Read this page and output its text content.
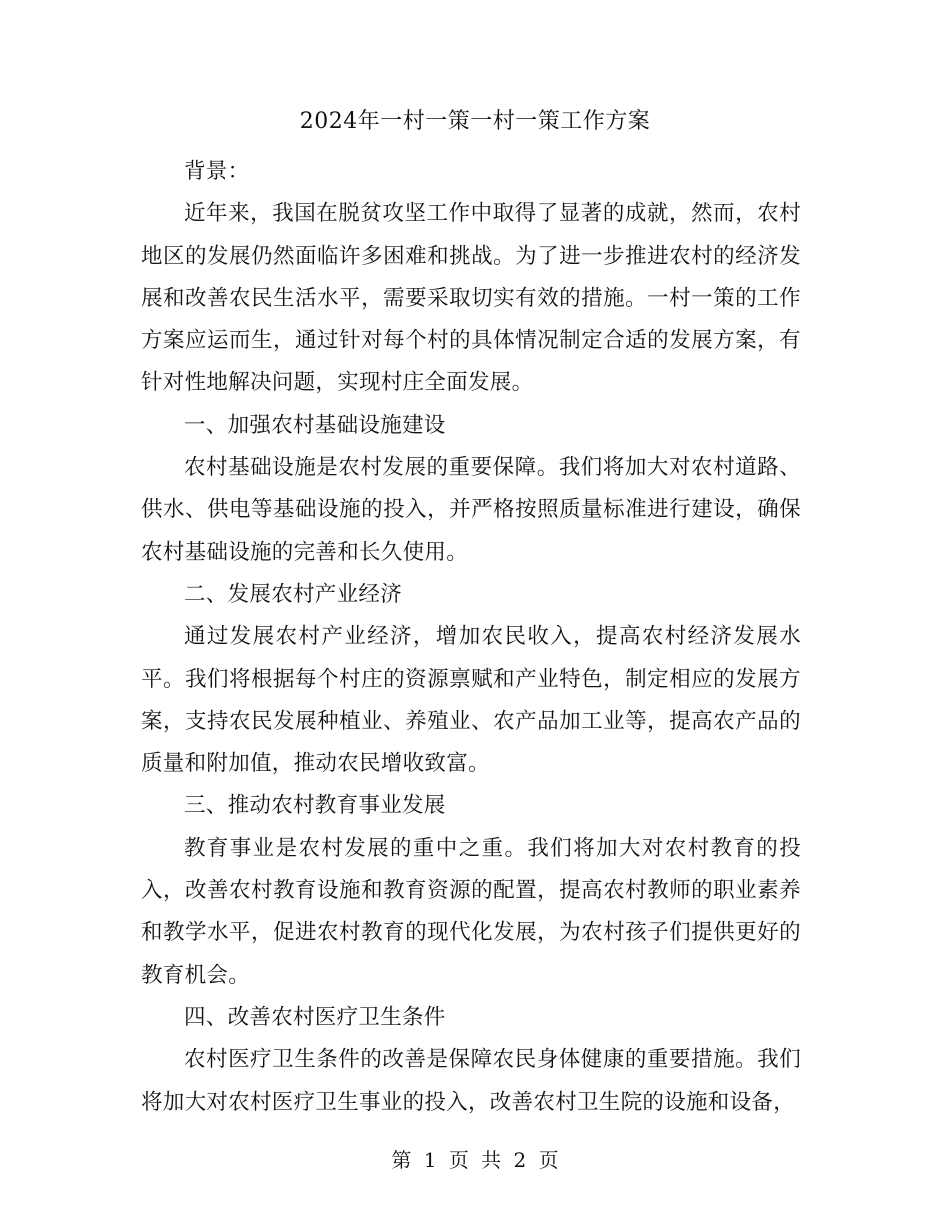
2024年一村一策一村一策工作方案

背景：

近年来，我国在脱贫攻坚工作中取得了显著的成就，然而，农村地区的发展仍然面临许多困难和挑战。为了进一步推进农村的经济发展和改善农民生活水平，需要采取切实有效的措施。一村一策的工作方案应运而生，通过针对每个村的具体情况制定合适的发展方案，有针对性地解决问题，实现村庄全面发展。

一、加强农村基础设施建设

农村基础设施是农村发展的重要保障。我们将加大对农村道路、供水、供电等基础设施的投入，并严格按照质量标准进行建设，确保农村基础设施的完善和长久使用。

二、发展农村产业经济

通过发展农村产业经济，增加农民收入，提高农村经济发展水平。我们将根据每个村庄的资源禀赋和产业特色，制定相应的发展方案，支持农民发展种植业、养殖业、农产品加工业等，提高农产品的质量和附加值，推动农民增收致富。

三、推动农村教育事业发展

教育事业是农村发展的重中之重。我们将加大对农村教育的投入，改善农村教育设施和教育资源的配置，提高农村教师的职业素养和教学水平，促进农村教育的现代化发展，为农村孩子们提供更好的教育机会。

四、改善农村医疗卫生条件

农村医疗卫生条件的改善是保障农民身体健康的重要措施。我们将加大对农村医疗卫生事业的投入，改善农村卫生院的设施和设备，

第 1 页 共 2 页
